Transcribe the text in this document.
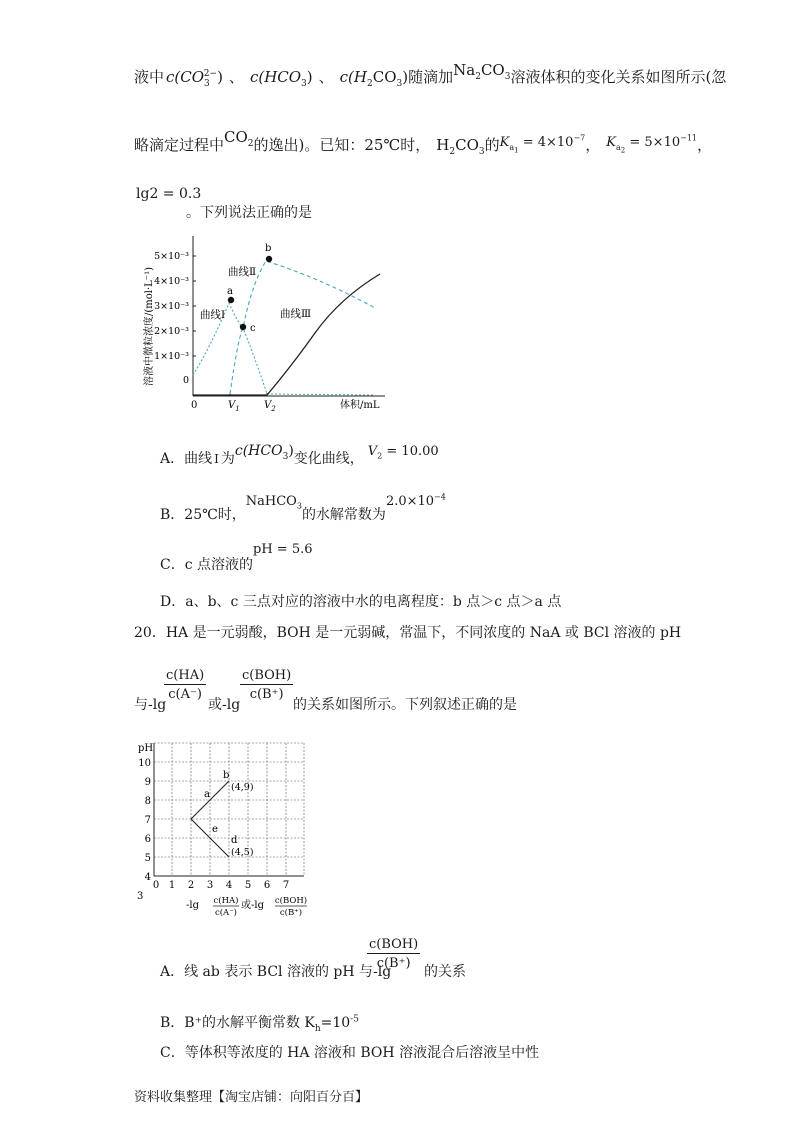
液中 $c(CO_3^{2-})$ 、 $c(HCO_3)$ 、 $c(H_2CO_3)$随滴加$Na_2CO_3$溶液体积的变化关系如图所示(忽
略滴定过程中$CO_2$的逸出)。已知：25℃时， $H_2CO_3$的$K_{a_1} = 4\times 10^{-7}$， $K_{a_2} = 5\times 10^{-11}$，
lg2 = 0.3
。下列说法正确的是
溶液中微粒浓度/(mol·L⁻¹)
5×10⁻³
4×10⁻³
3×10⁻³
2×10⁻³
1×10⁻³
0
0	$V_1$ $V_2$	体积/mL
a
b
c
曲线Ⅰ
曲线Ⅱ
曲线Ⅲ
A．曲线 Ⅰ 为$c(HCO_3)$变化曲线， $V_2 = 10.00$
B．25℃时，NaHCO$_3$的水解常数为$2.0\times 10^{-4}$
C．c 点溶液的pH = 5.6
D．a、b、c 三点对应的溶液中水的电离程度：b 点＞c 点＞a 点
20．HA 是一元弱酸，BOH 是一元弱碱，常温下，不同浓度的 NaA 或 BCl 溶液的 pH
与-lg
$\frac{c(HA)}{c(A^-)}$
或-lg
c(BOH)
c(B⁺)
的关系如图所示。下列叙述正确的是
pH
10
9
8
7
6
5
4
3
0 1 2 3 4 5 6 7
a
b
(4,9)
e
d
(4,5)
-lg c(HA)
c(A⁻)
或-lg c(BOH)
c(B⁺)
A．线 ab 表示 BCl 溶液的 pH 与-lg
c(BOH)
c(B⁺)
的关系
B．B⁺的水解平衡常数 $K_h=10^{-5}$
C．等体积等浓度的 HA 溶液和 BOH 溶液混合后溶液呈中性
资料收集整理【淘宝店铺：向阳百分百】
